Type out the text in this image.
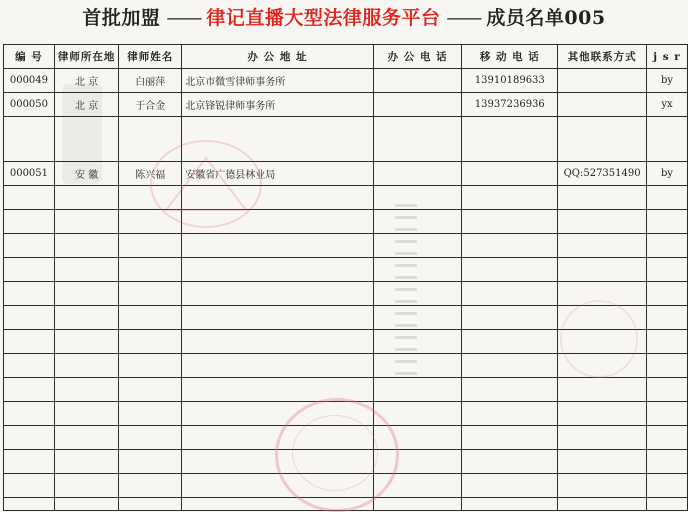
首批加盟 —— 律记直播大型法律服务平台 —— 成员名单005
编 号	律师所在地	律师姓名	办 公 地 址	办 公 电 话	移 动 电 话	其他联系方式	j s r
000049	北 京	白丽萍	北京市微雪律师事务所		13910189633		by
000050	北 京	于合金	北京锋锐律师事务所		13937236936		yx

000051	安 徽	陈兴福	安徽省广德县林业局			QQ:527351490	by
